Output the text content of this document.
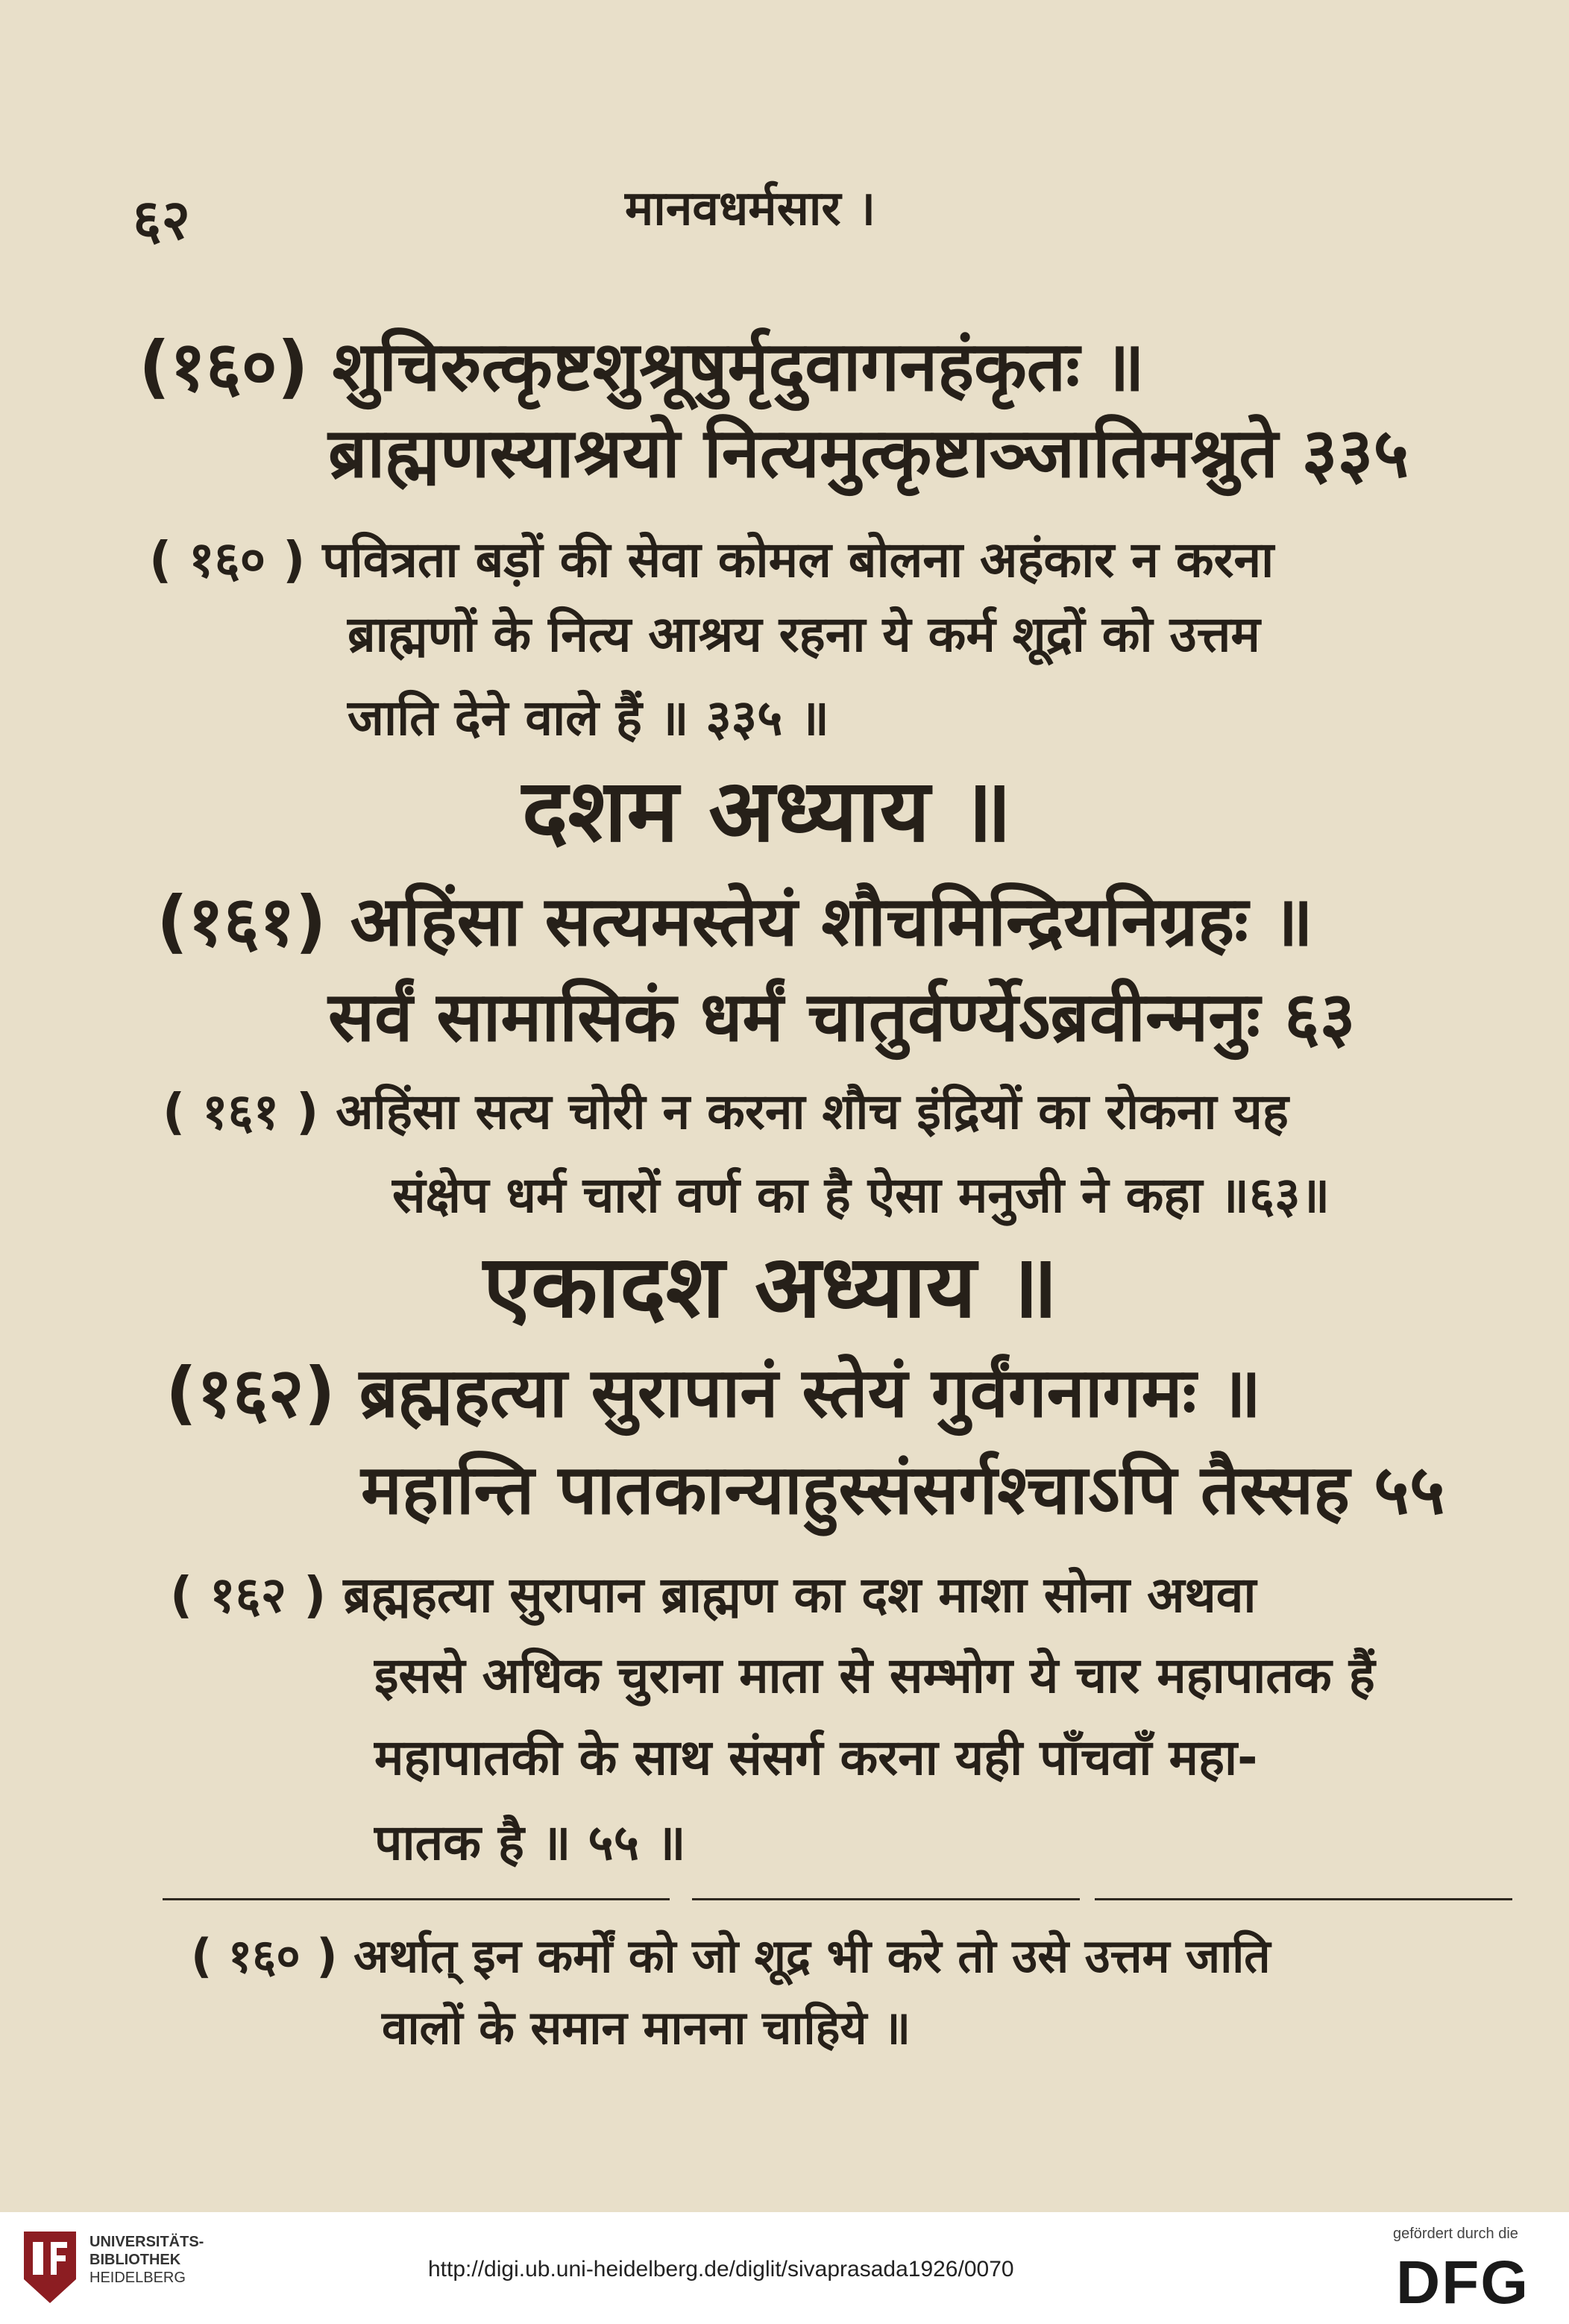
६२	मानवधर्मसार ।
(१६०) शुचिरुत्कृष्टशुश्रूषुर्मृदुवागनहंकृतः ॥
ब्राह्मणस्याश्रयो नित्यमुत्कृष्टाञ्जातिमश्नुते ३३५
( १६० ) पवित्रता बड़ों की सेवा कोमल बोलना अहंकार न करना
ब्राह्मणों के नित्य आश्रय रहना ये कर्म शूद्रों को उत्तम
जाति देने वाले हैं ॥ ३३५ ॥
दशम अध्याय ॥
(१६१) अहिंसा सत्यमस्तेयं शौचमिन्द्रियनिग्रहः ॥
सर्वं सामासिकं धर्मं चातुर्वर्ण्येऽब्रवीन्मनुः ६३
( १६१ ) अहिंसा सत्य चोरी न करना शौच इंद्रियों का रोकना यह
संक्षेप धर्म चारों वर्ण का है ऐसा मनुजी ने कहा ॥६३॥
एकादश अध्याय ॥
(१६२) ब्रह्महत्या सुरापानं स्तेयं गुर्वंगनागमः ॥
महान्ति पातकान्याहुस्संसर्गश्चाऽपि तैस्सह ५५
( १६२ ) ब्रह्महत्या सुरापान ब्राह्मण का दश माशा सोना अथवा
इससे अधिक चुराना माता से सम्भोग ये चार महापातक हैं
महापातकी के साथ संसर्ग करना यही पाँचवाँ महा-
पातक है ॥ ५५ ॥
( १६० ) अर्थात् इन कर्मों को जो शूद्र भी करे तो उसे उत्तम जाति
वालों के समान मानना चाहिये ॥
UNIVERSITÄTS-
BIBLIOTHEK
HEIDELBERG	http://digi.ub.uni-heidelberg.de/diglit/sivaprasada1926/0070
gefördert durch die
DFG
